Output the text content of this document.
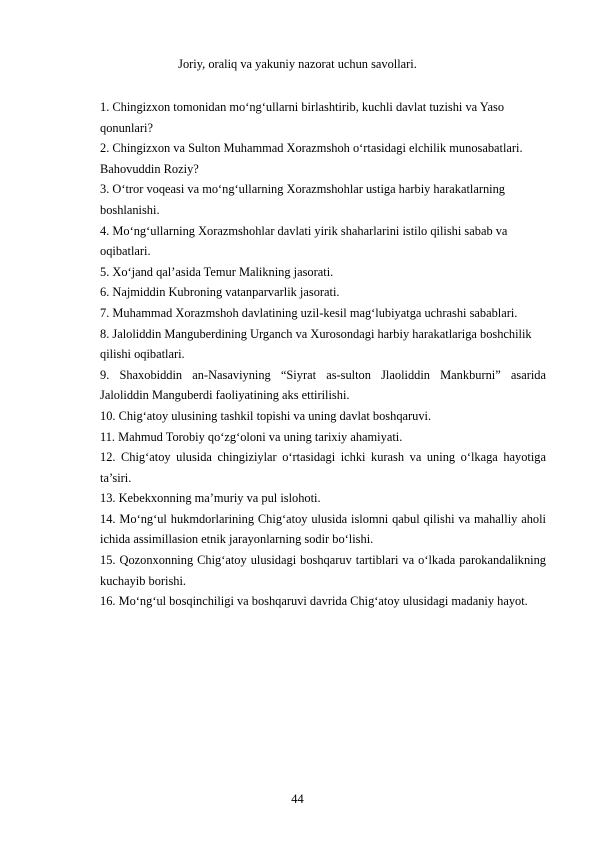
Joriy, oraliq va yakuniy nazorat uchun savollari.
1. Chingizxon tomonidan mo‘ng‘ullarni birlashtirib, kuchli davlat tuzishi va Yaso qonunlari?
2. Chingizxon va Sulton Muhammad Xorazmshoh o‘rtasidagi elchilik munosabatlari. Bahovuddin Roziy?
3. O‘tror voqeasi va mo‘ng‘ullarning Xorazmshohlar ustiga harbiy harakatlarning boshlanishi.
4. Mo‘ng‘ullarning Xorazmshohlar davlati yirik shaharlarini istilo qilishi sabab va oqibatlari.
5. Xo‘jand qal’asida Temur Malikning jasorati.
6. Najmiddin Kubroning vatanparvarlik jasorati.
7. Muhammad Xorazmshoh davlatining uzil-kesil mag‘lubiyatga uchrashi sabablari.
8. Jaloliddin Manguberdining Urganch va Xurosondagi harbiy harakatlariga boshchilik qilishi oqibatlari.
9. Shaxobiddin an-Nasaviyning “Siyrat as-sulton Jlaoliddin Mankburni” asarida Jaloliddin Manguberdi faoliyatining aks ettirilishi.
10. Chig‘atoy ulusining tashkil topishi va uning davlat boshqaruvi.
11. Mahmud Torobiy qo‘zg‘oloni va uning tarixiy ahamiyati.
12. Chig‘atoy ulusida chingiziylar o‘rtasidagi ichki kurash va uning o‘lkaga hayotiga ta’siri.
13. Kebekxonning ma’muriy va pul islohoti.
14. Mo‘ng‘ul hukmdorlarining Chig‘atoy ulusida islomni qabul qilishi va mahalliy aholi ichida assimillasion etnik jarayonlarning sodir bo‘lishi.
15. Qozonxonning Chig‘atoy ulusidagi boshqaruv tartiblari va o‘lkada parokandalikning kuchayib borishi.
16. Mo‘ng‘ul bosqinchiligi va boshqaruvi davrida Chig‘atoy ulusidagi madaniy hayot.
44
